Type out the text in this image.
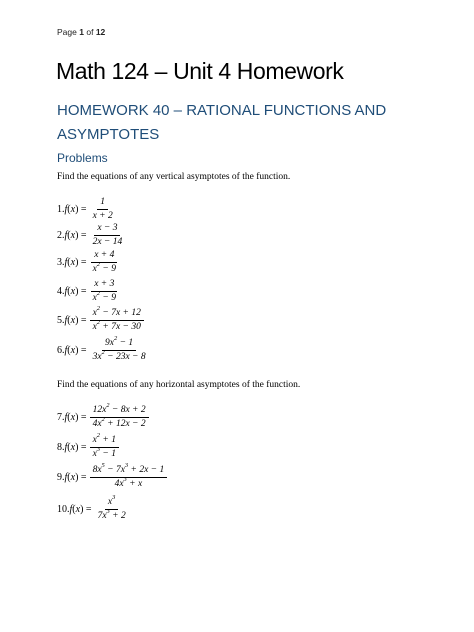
Page 1 of 12
Math 124 – Unit 4 Homework
HOMEWORK 40 – RATIONAL FUNCTIONS AND ASYMPTOTES
Problems
Find the equations of any vertical asymptotes of the function.
1. $f(x) = \frac{1}{x + 2}$
2. $f(x) = \frac{x - 3}{2x - 14}$
3. $f(x) = \frac{x + 4}{x^2 - 9}$
4. $f(x) = \frac{x + 3}{x^2 - 9}$
5. $f(x) = \frac{x^2 - 7x + 12}{x^2 + 7x - 30}$
6. $f(x) = \frac{9x^2 - 1}{3x^2 - 23x - 8}$
Find the equations of any horizontal asymptotes of the function.
7. $f(x) = \frac{12x^2 - 8x + 2}{4x^2 + 12x - 2}$
8. $f(x) = \frac{x^2 + 1}{x^3 - 1}$
9. $f(x) = \frac{8x^5 - 7x^3 + 2x - 1}{4x^3 + x}$
10. $f(x) = \frac{x^3}{7x^3 + 2}$
